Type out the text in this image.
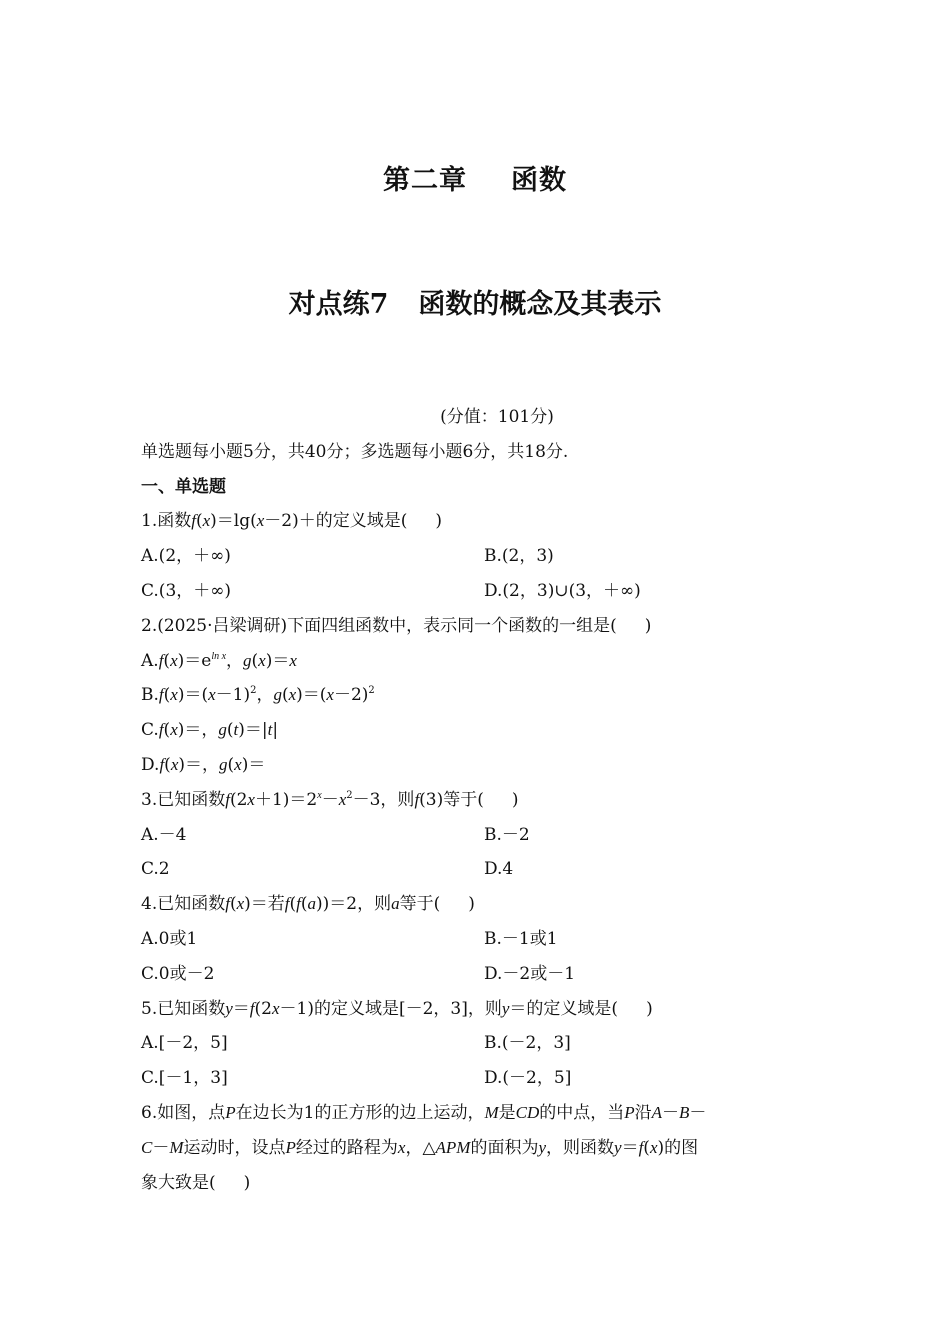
第二章 函数
对点练7 函数的概念及其表示
(分值：101分)
单选题每小题5分，共40分；多选题每小题6分，共18分.
一、单选题
1.函数f(x)＝lg(x－2)＋的定义域是( )
A.(2，＋∞)	B.(2，3)
C.(3，＋∞)	D.(2，3)∪(3，＋∞)
2.(2025·吕梁调研)下面四组函数中，表示同一个函数的一组是( )
$A.f(x)=e^{ln x}$，g(x)＝x
$B.f(x)=(x-1)^2$，$g(x)=(x-2)^2$
C.f(x)＝，g(t)＝|t|
D.f(x)＝，g(x)＝
3.已知函数$f(2x+1)=2^x-x^2-3$，则f(3)等于( )
A.－4	B.－2
C.2	D.4
4.已知函数f(x)＝若f(f(a))＝2，则a等于( )
A.0或1	B.－1或1
C.0或－2	D.－2或－1
5.已知函数y＝f(2x－1)的定义域是[－2，3]，则y＝的定义域是( )
A.[－2，5]	B.(－2，3]
C.[－1，3]	D.(－2，5]
6.如图，点P在边长为1的正方形的边上运动，M是CD的中点，当P沿A－B－
C－M运动时，设点P经过的路程为x，△APM的面积为y，则函数y＝f(x)的图
象大致是( )
